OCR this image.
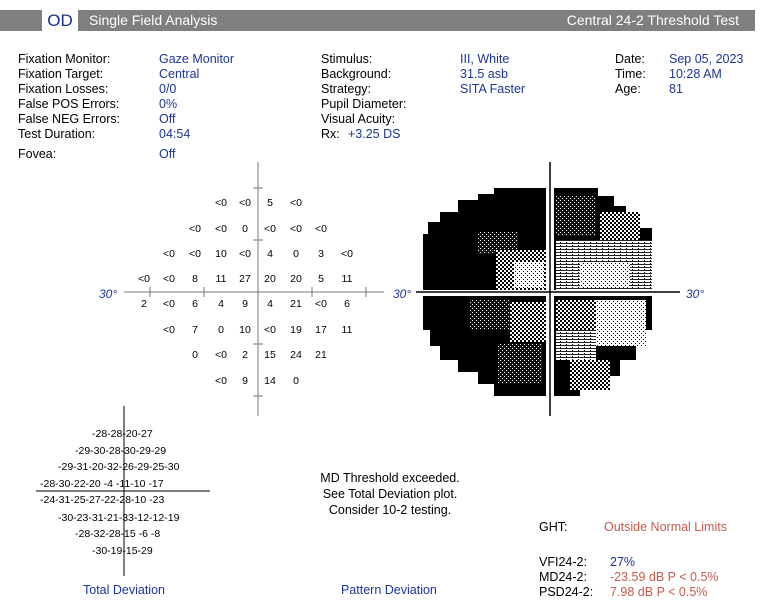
OD	Single Field Analysis	Central 24-2 Threshold Test
Fixation Monitor:	Gaze Monitor
Fixation Target:	Central
Fixation Losses:	0/0
False POS Errors:	0%
False NEG Errors:	Off
Test Duration:	04:54
Fovea:	Off
Stimulus:	III, White
Background:	31.5 asb
Strategy:	SITA Faster
Pupil Diameter:
Visual Acuity:
Rx: +3.25 DS
Date: Sep 05, 2023
Time: 10:28 AM
Age: 81
30°
<0 <0 5 <0
<0 <0 0 <0 <0 <0
<0 <0 10 <0 4 0 3 <0
<0 <0 8 11 27 20 20 5 11
2 <0 6 4 9 4 21 <0 6
<0 7 0 10 <0 19 17 11
0 <0 2 15 24 21
<0 9 14 0
30°	30°
-28-28-20-27
-29-30-28-30-29-29
-29-31-20-32-26-29-25-30
-28-30-22-20 -4 -11-10 -17
-24-31-25-27-22-28-10 -23
-30-23-31-21-33-12-12-19
-28-32-28-15 -6 -8
-30-19-15-29
Total Deviation
MD Threshold exceeded.
See Total Deviation plot.
Consider 10-2 testing.
Pattern Deviation
GHT:	Outside Normal Limits
VFI24-2: 27%
MD24-2: -23.59 dB P < 0.5%
PSD24-2: 7.98 dB P < 0.5%
